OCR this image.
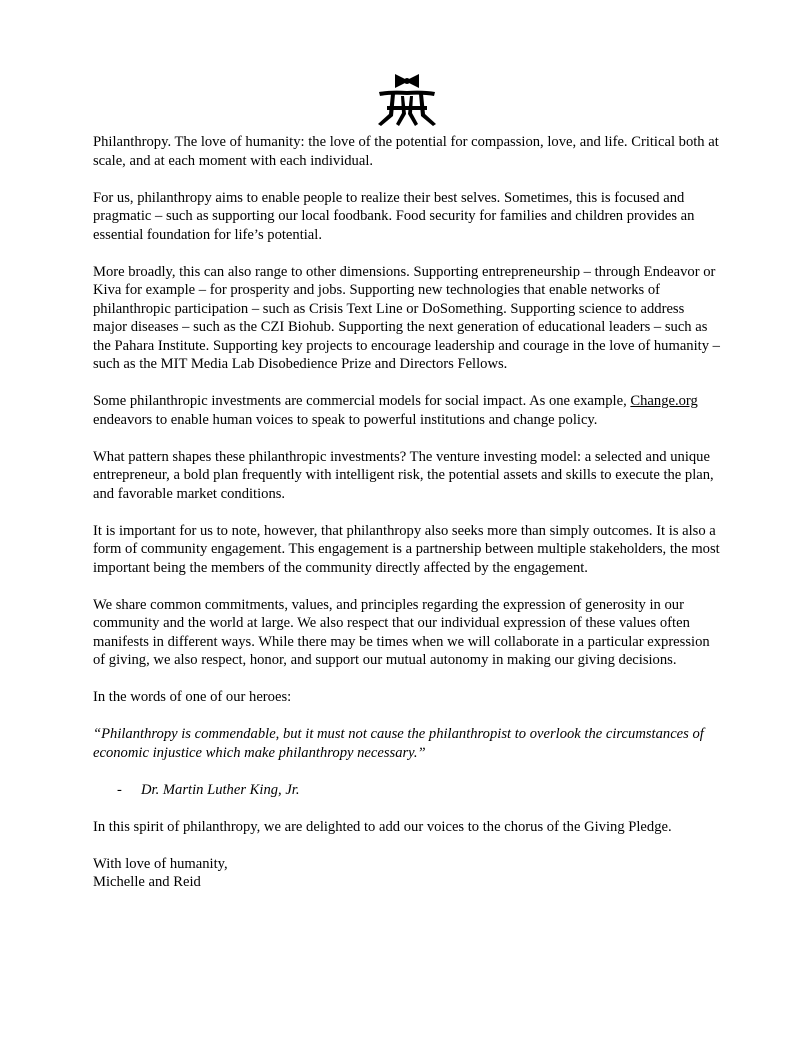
Philanthropy. The love of humanity: the love of the potential for compassion, love, and life. Critical both at scale, and at each moment with each individual.

For us, philanthropy aims to enable people to realize their best selves. Sometimes, this is focused and pragmatic – such as supporting our local foodbank. Food security for families and children provides an essential foundation for life’s potential.

More broadly, this can also range to other dimensions. Supporting entrepreneurship – through Endeavor or Kiva for example – for prosperity and jobs. Supporting new technologies that enable networks of philanthropic participation – such as Crisis Text Line or DoSomething. Supporting science to address major diseases – such as the CZI Biohub. Supporting the next generation of educational leaders – such as the Pahara Institute. Supporting key projects to encourage leadership and courage in the love of humanity – such as the MIT Media Lab Disobedience Prize and Directors Fellows.

Some philanthropic investments are commercial models for social impact. As one example, Change.org endeavors to enable human voices to speak to powerful institutions and change policy.

What pattern shapes these philanthropic investments? The venture investing model: a selected and unique entrepreneur, a bold plan frequently with intelligent risk, the potential assets and skills to execute the plan, and favorable market conditions.

It is important for us to note, however, that philanthropy also seeks more than simply outcomes. It is also a form of community engagement. This engagement is a partnership between multiple stakeholders, the most important being the members of the community directly affected by the engagement.

We share common commitments, values, and principles regarding the expression of generosity in our community and the world at large. We also respect that our individual expression of these values often manifests in different ways. While there may be times when we will collaborate in a particular expression of giving, we also respect, honor, and support our mutual autonomy in making our giving decisions.

In the words of one of our heroes:

“Philanthropy is commendable, but it must not cause the philanthropist to overlook the circumstances of economic injustice which make philanthropy necessary.”

- Dr. Martin Luther King, Jr.

In this spirit of philanthropy, we are delighted to add our voices to the chorus of the Giving Pledge.

With love of humanity,

Michelle and Reid
